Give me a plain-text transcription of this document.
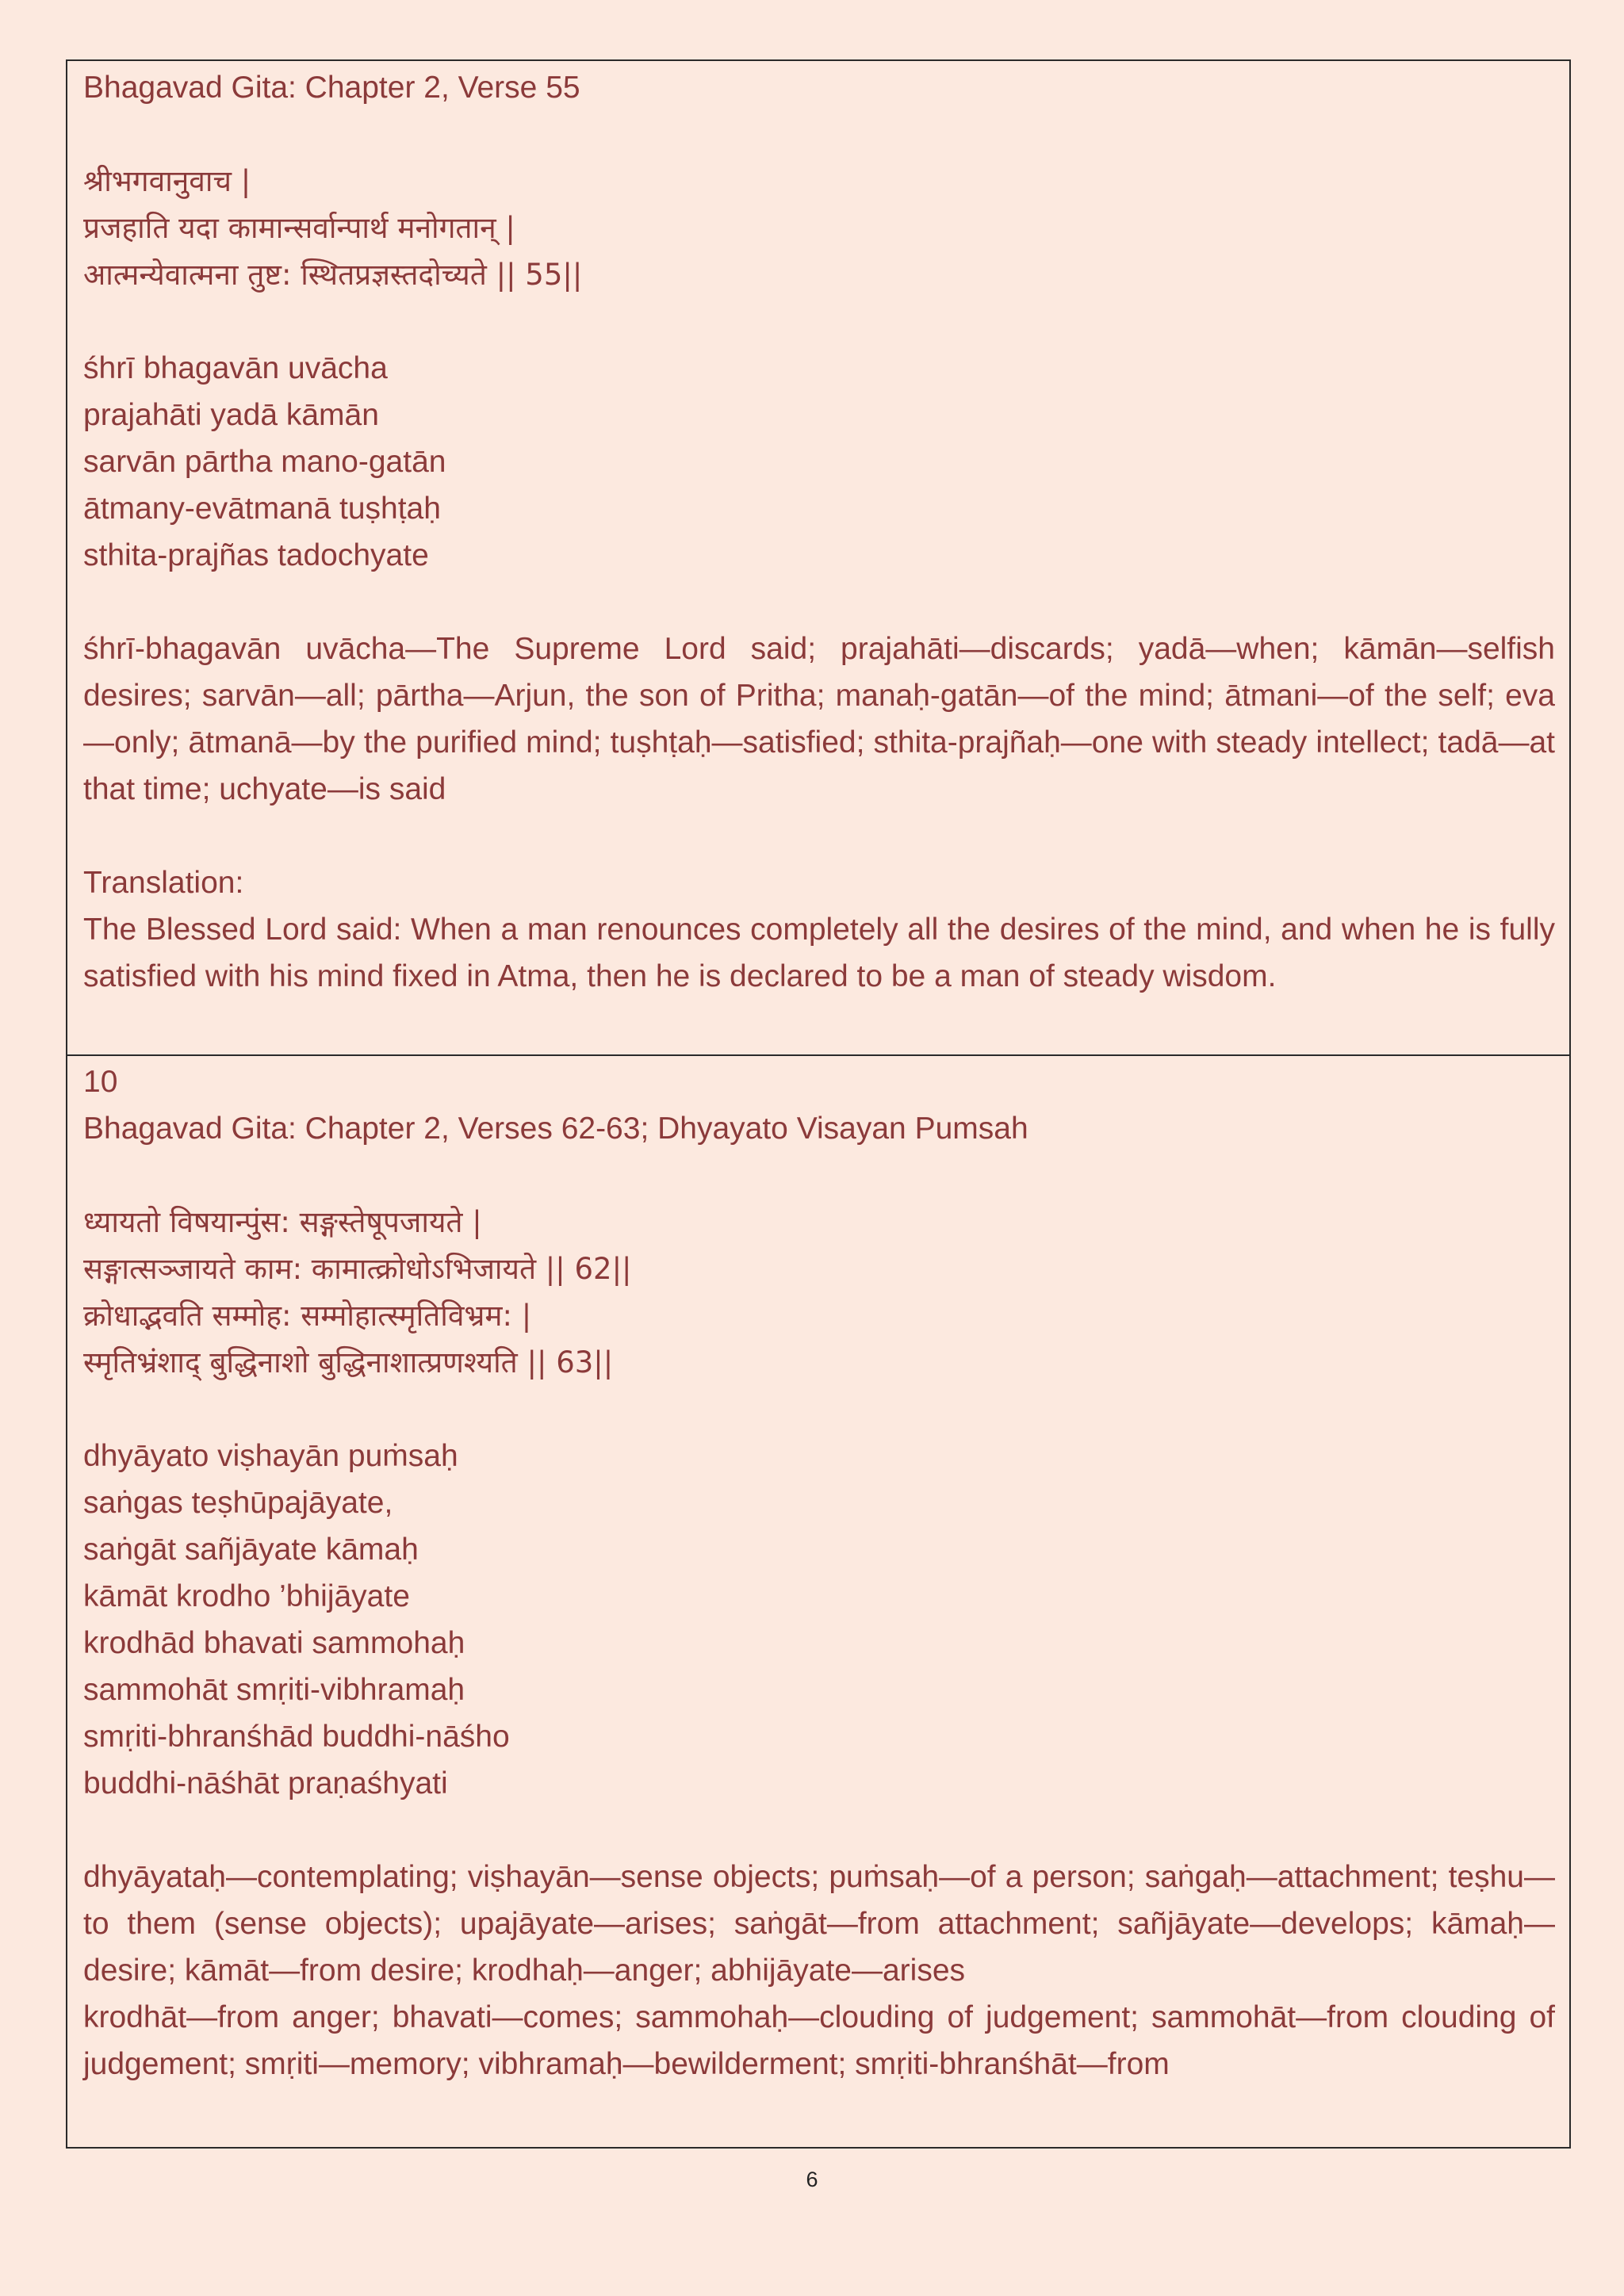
Bhagavad Gita: Chapter 2, Verse 55
श्रीभगवानुवाच |
प्रजहाति यदा कामान्सर्वान्पार्थ मनोगतान् |
आत्मन्येवात्मना तुष्ट: स्थितप्रज्ञस्तदोच्यते || 55||
śhrī bhagavān uvācha
prajahāti yadā kāmān
sarvān pārtha mano-gatān
ātmany-evātmanā tuṣhṭaḥ
sthita-prajñas tadochyate
śhrī-bhagavān uvācha—The Supreme Lord said; prajahāti—discards; yadā—when; kāmān—selfish desires; sarvān—all; pārtha—Arjun, the son of Pritha; manaḥ-gatān—of the mind; ātmani—of the self; eva—only; ātmanā—by the purified mind; tuṣhṭaḥ—satisfied; sthita-prajñaḥ—one with steady intellect; tadā—at that time; uchyate—is said
Translation:
The Blessed Lord said: When a man renounces completely all the desires of the mind, and when he is fully satisfied with his mind fixed in Atma, then he is declared to be a man of steady wisdom.
10
Bhagavad Gita: Chapter 2, Verses 62-63; Dhyayato Visayan Pumsah
ध्यायतो विषयान्पुंस: सङ्गस्तेषूपजायते |
सङ्गात्सञ्जायते काम: कामात्क्रोधोऽभिजायते || 62||
क्रोधाद्भवति सम्मोह: सम्मोहात्स्मृतिविभ्रम: |
स्मृतिभ्रंशाद् बुद्धिनाशो बुद्धिनाशात्प्रणश्यति || 63||
dhyāyato viṣhayān puṁsaḥ
saṅgas teṣhūpajāyate,
saṅgāt sañjāyate kāmaḥ
kāmāt krodho ’bhijāyate
krodhād bhavati sammohaḥ
sammohāt smṛiti-vibhramaḥ
smṛiti-bhranśhād buddhi-nāśho
buddhi-nāśhāt praṇaśhyati
dhyāyataḥ—contemplating; viṣhayān—sense objects; puṁsaḥ—of a person; saṅgaḥ—attachment; teṣhu—to them (sense objects); upajāyate—arises; saṅgāt—from attachment; sañjāyate—develops; kāmaḥ—desire; kāmāt—from desire; krodhaḥ—anger; abhijāyate—arises
krodhāt—from anger; bhavati—comes; sammohaḥ—clouding of judgement; sammohāt—from clouding of judgement; smṛiti—memory; vibhramaḥ—bewilderment; smṛiti-bhranśhāt—from
6
